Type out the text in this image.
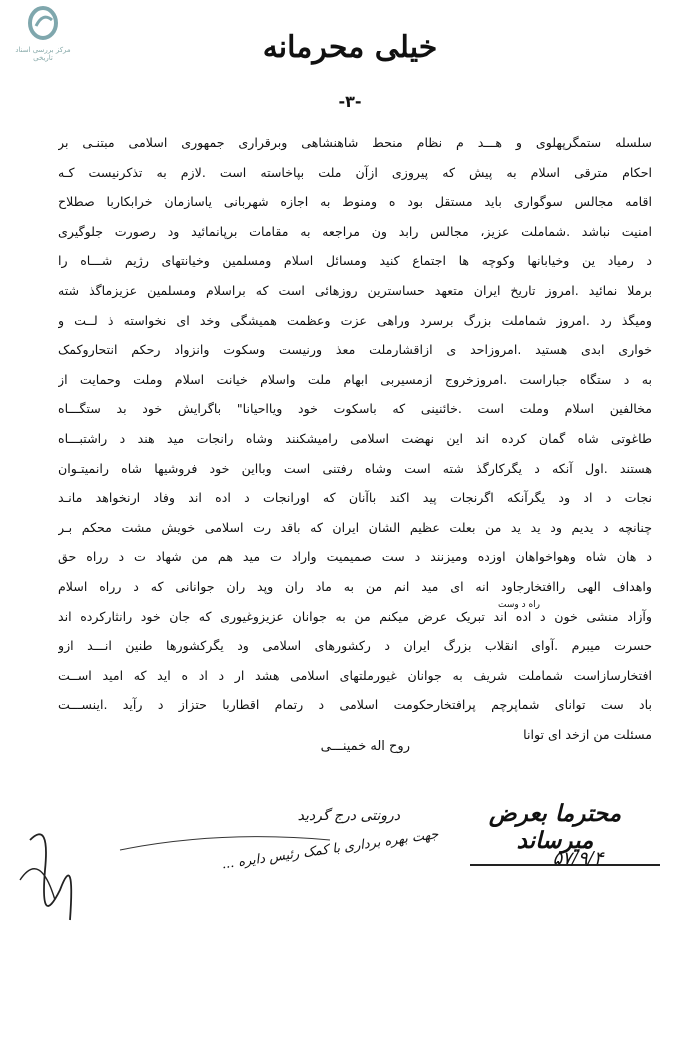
مرکز بررسی اسناد تاریخی	خیلی محرمانه
-۳-
سلسله ستمگرپهلوی و هـــد م نظام منحط شاهنشاهی وبرقراری جمهوری اسلامی مبتنـی بر
احکام مترقی اسلام به پیش که پیروزی ازآن ملت بپاخاسته است .لازم به تذکرنیست کـه
اقامه مجالس سوگواری باید مستقل بود ه ومنوط به اجازه شهربانی یاسازمان خرابکاربا صطلاح
امنیت نباشد .شماملت عزیز، مجالس رابد ون مراجعه به مقامات برپانمائید ود رصورت جلوگیری
د رمیاد ین وخیابانها وکوچه ها اجتماع کنید ومسائل اسلام ومسلمین وخیانتهای رژیم شـــاه را
برملا نمائید .امروز تاریخ ایران متعهد حساسترین روزهائی است که براسلام ومسلمین عزیزماگذ شته
ومیگذ رد .امروز شماملت بزرگ برسرد وراهی عزت وعظمت همیشگی وخد ای نخواسته ذ لــت و
خواری ابدی هستید .امروزاحد ی ازاقشارملت معذ ورنیست وسکوت وانزواد رحکم انتحاروکمک
به د ستگاه جباراست .امروزخروج ازمسیربی ابهام ملت واسلام خیانت اسلام وملت وحمایت از
مخالفین اسلام وملت است .خائنینی که باسکوت خود ویااحیانا" باگرایش خود بد ستگـــاه
طاغوتی شاه گمان کرده اند این نهضت اسلامی رامیشکنند وشاه رانجات مید هند د راشتبـــاه
هستند .اول آنکه د یگرکارگذ شته است وشاه رفتنی است وبااین خود فروشیها شاه رانمیتـوان
نجات د اد ود یگرآنکه اگرنجات پید اکند باآنان که اورانجات د اده اند وفاد ارنخواهد مانـد
چنانچه د یدیم ود ید ید من بعلت عظیم الشان ایران که باقد رت اسلامی خویش مشت محکم بـر
د هان شاه وهواخواهان اوزده ومیزنند د ست صمیمیت واراد ت مید هم من شهاد ت د رراه حق
واهداف الهی راافتخارجاود انه ای مید انم من به ماد ران وپد ران جوانانی که د رراه اسلام
وآزاد منشی خون د اده اند تبریک عرض میکنم من به جوانان عزیزوغیوری که جان خود رانثارکرده اند
حسرت میبرم .آوای انقلاب بزرگ ایران د رکشورهای اسلامی ود یگرکشورها طنین انـــد ازو
افتخارسازاست شماملت شریف به جوانان غیورملتهای اسلامی هشد ار د اد ه اید که امید اســت
باد ست توانای شماپرچم پرافتخارحکومت اسلامی د رتمام اقطاربا حتزاز د رآید .اینســـت
مسئلت من ازخد ای توانا
راه د وست
روح اله خمینـــی
محترما بعرض میرساند
۵۷/۹/۴
درونتی درج گردید
جهت بهره برداری با کمک رئیس دایره ...
